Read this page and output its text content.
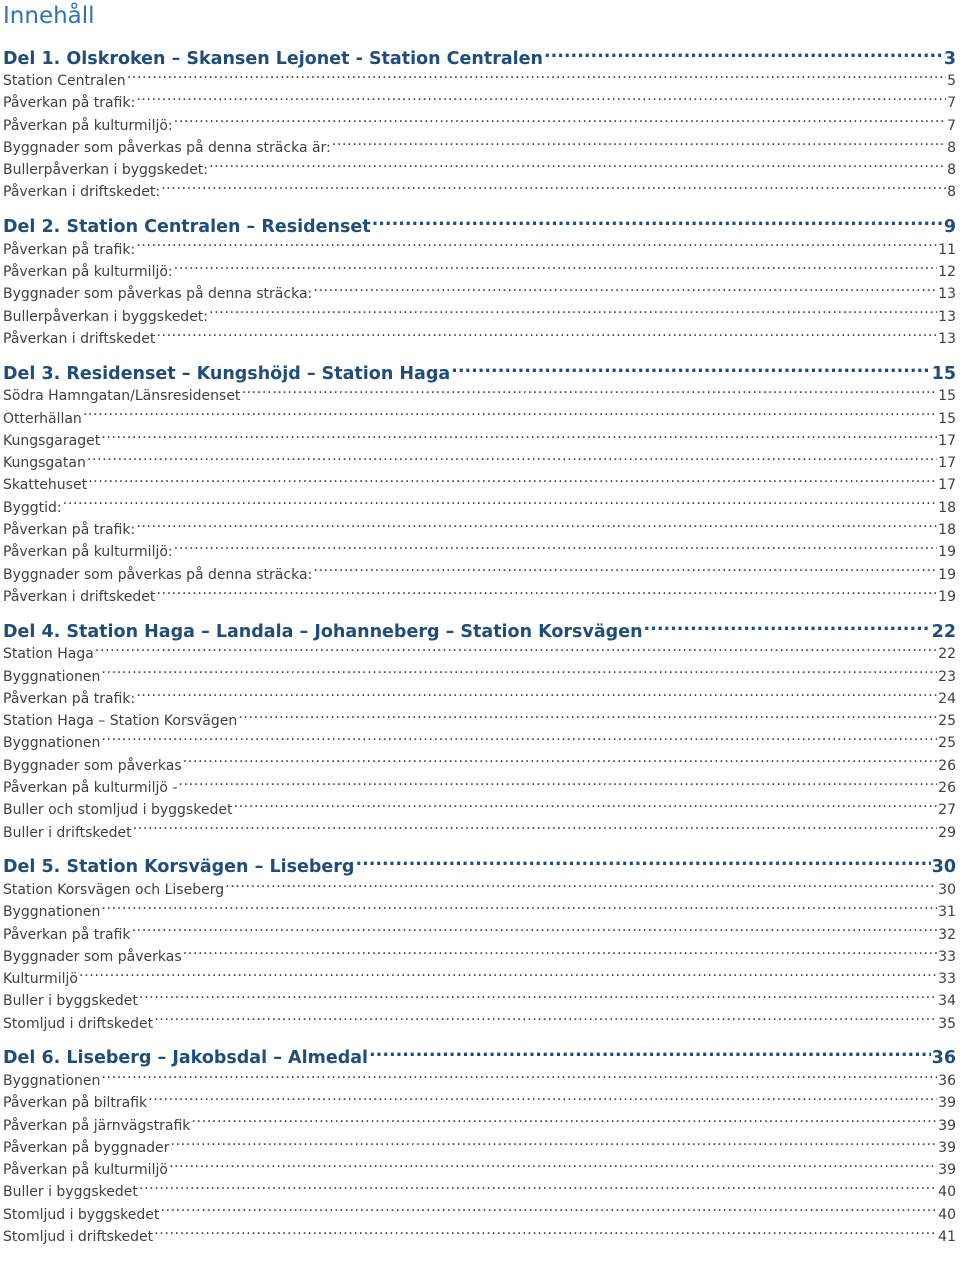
Innehåll
Del 1. Olskroken – Skansen Lejonet - Station Centralen .....	3
Station Centralen .....	5
Påverkan på trafik: .....	7
Påverkan på kulturmiljö: .....	7
Byggnader som påverkas på denna sträcka är: .....	8
Bullerpåverkan i byggskedet: .....	8
Påverkan i driftskedet: .....	8
Del 2. Station Centralen – Residenset .....	9
Påverkan på trafik: .....	11
Påverkan på kulturmiljö: .....	12
Byggnader som påverkas på denna sträcka: .....	13
Bullerpåverkan i byggskedet: .....	13
Påverkan i driftskedet .....	13
Del 3. Residenset – Kungshöjd – Station Haga .....	15
Södra Hamngatan/Länsresidenset .....	15
Otterhällan .....	15
Kungsgaraget .....	17
Kungsgatan .....	17
Skattehuset .....	17
Byggtid: .....	18
Påverkan på trafik: .....	18
Påverkan på kulturmiljö: .....	19
Byggnader som påverkas på denna sträcka: .....	19
Påverkan i driftskedet .....	19
Del 4. Station Haga – Landala – Johanneberg – Station Korsvägen .....	22
Station Haga .....	22
Byggnationen .....	23
Påverkan på trafik: .....	24
Station Haga – Station Korsvägen .....	25
Byggnationen .....	25
Byggnader som påverkas .....	26
Påverkan på kulturmiljö - .....	26
Buller och stomljud i byggskedet .....	27
Buller i driftskedet .....	29
Del 5. Station Korsvägen – Liseberg .....	30
Station Korsvägen och Liseberg .....	30
Byggnationen .....	31
Påverkan på trafik .....	32
Byggnader som påverkas .....	33
Kulturmiljö .....	33
Buller i byggskedet .....	34
Stomljud i driftskedet .....	35
Del 6. Liseberg – Jakobsdal – Almedal .....	36
Byggnationen .....	36
Påverkan på biltrafik .....	39
Påverkan på järnvägstrafik .....	39
Påverkan på byggnader .....	39
Påverkan på kulturmiljö .....	39
Buller i byggskedet .....	40
Stomljud i byggskedet .....	40
Stomljud i driftskedet .....	41
